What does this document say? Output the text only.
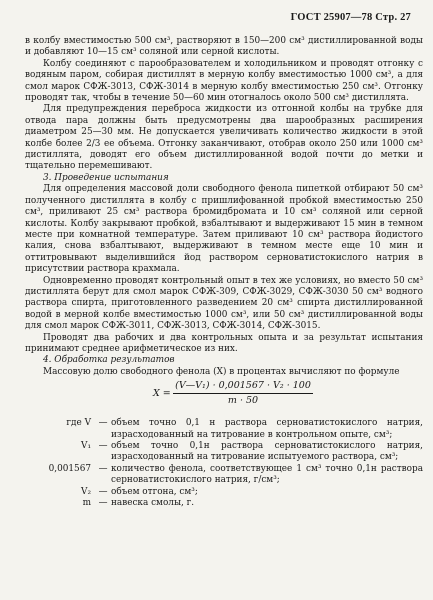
ГОСТ 25907—78 Стр. 27

в колбу вместимостью 500 см³, растворяют в 150—200 см³ дистиллированной воды и добавляют 10—15 см³ соляной или серной кислоты.

Колбу соединяют с парообразователем и холодильником и проводят отгонку с водяным паром, собирая дистиллят в мерную колбу вместимостью 1000 см³, а для смол марок СФЖ-3013, СФЖ-3014 в мерную колбу вместимостью 250 см³. Отгонку проводят так, чтобы в течение 50—60 мин отогналось около 500 см³ дистиллята.

Для предупреждения переброса жидкости из отгонной колбы на трубке для отвода пара должны быть предусмотрены два шарообразных расширения диаметром 25—30 мм. Не допускается увеличивать количество жидкости в этой колбе более 2/3 ее объема. Отгонку заканчивают, отобрав около 250 или 1000 см³ дистиллята, доводят его объем дистиллированной водой почти до метки и тщательно перемешивают.

3. Проведение испытания

Для определения массовой доли свободного фенола пипеткой отбирают 50 см³ полученного дистиллята в колбу с пришлифованной пробкой вместимостью 250 см³, приливают 25 см³ раствора бромидбромата и 10 см³ соляной или серной кислоты. Колбу закрывают пробкой, взбалтывают и выдерживают 15 мин в темном месте при комнатной температуре. Затем приливают 10 см³ раствора йодистого калия, снова взбалтывают, выдерживают в темном месте еще 10 мин и оттитровывают выделившийся йод раствором серноватистокислого натрия в присутствии раствора крахмала.

Одновременно проводят контрольный опыт в тех же условиях, но вместо 50 см³ дистиллята берут для смол марок СФЖ-309, СФЖ-3029, СФЖ-3030 50 см³ водного раствора спирта, приготовленного разведением 20 см³ спирта дистиллированной водой в мерной колбе вместимостью 1000 см³, или 50 см³ дистиллированной воды для смол марок СФЖ-3011, СФЖ-3013, СФЖ-3014, СФЖ-3015.

Проводят два рабочих и два контрольных опыта и за результат испытания принимают среднее арифметическое из них.

4. Обработка результатов

Массовую долю свободного фенола (X) в процентах вычисляют по формуле

$X = \frac{\text{(V—V₁) · 0,001567 · V₂ · 100}}{m \cdot 50}$
где V — объем точно 0,1 н раствора серноватистокислого натрия, израсходованный на титрование в контрольном опыте, см³;
V₁ — объем точно 0,1н раствора серноватистокислого натрия, израсходованный на титрование испытуемого раствора, см³;
0,001567 — количество фенола, соответствующее 1 см³ точно 0,1н раствора серноватистокислого натрия, г/см³;
V₂ — объем отгона, см³;
m — навеска смолы, г.
